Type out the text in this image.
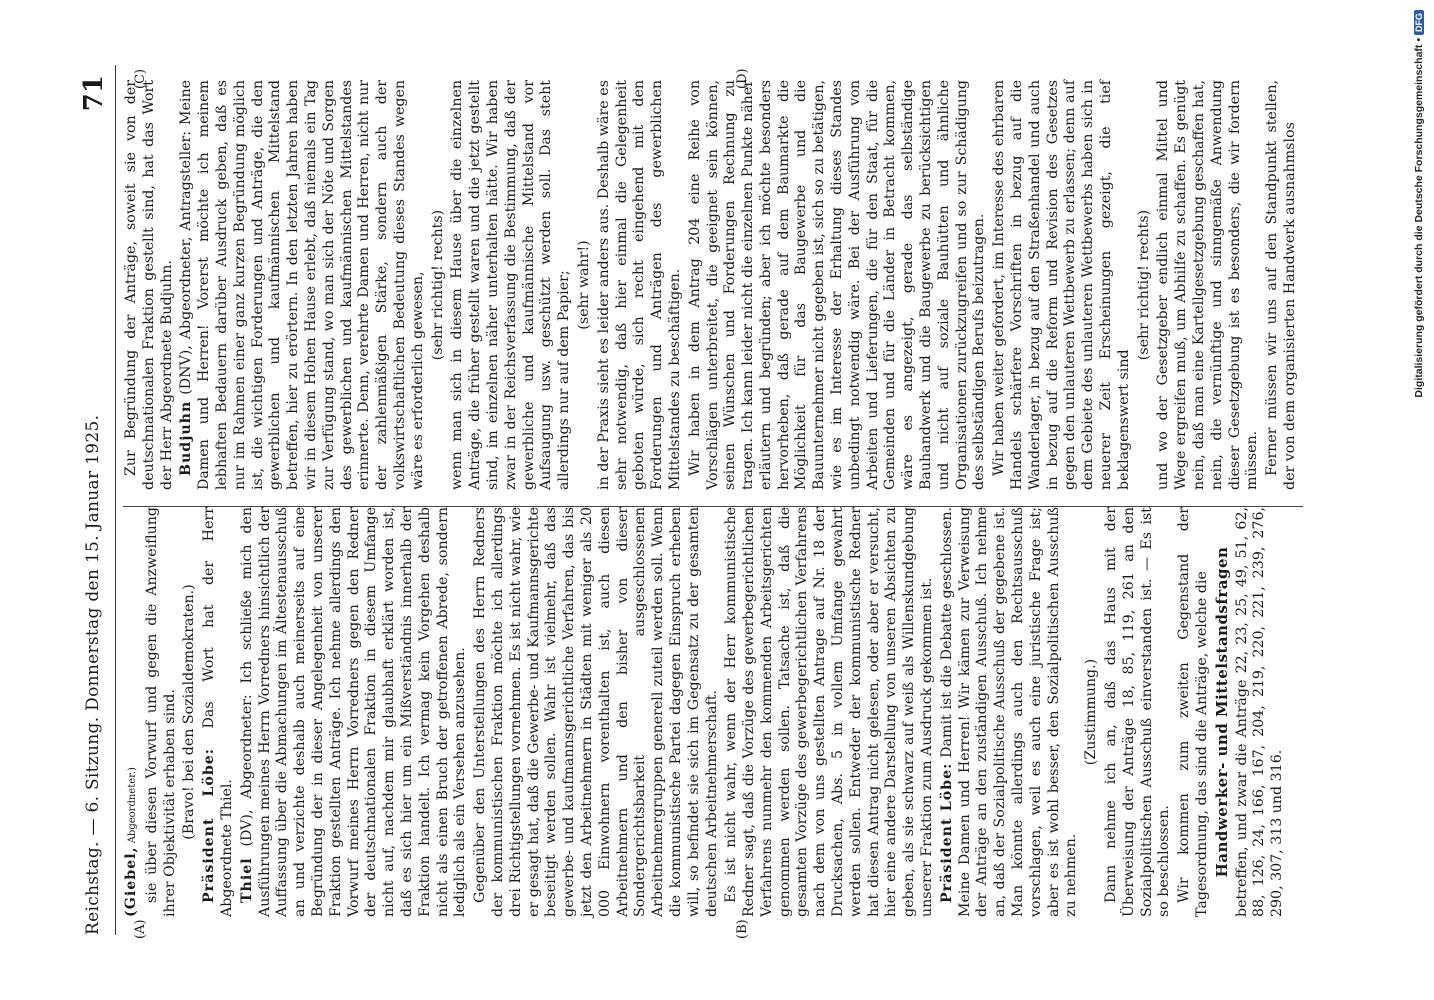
Reichstag. — 6. Sitzung. Donnerstag den 15. Januar 1925.
71
(A)	(B)
(C)	(D)

(Giebel, Abgeordneter.) sie über diesen Vorwurf und gegen die Anzweiflung ihrer Objektivität erhaben sind. (Bravo! bei den Sozialdemokraten.) Präsident Löbe: Das Wort hat der Herr Abgeordnete Thiel. Thiel (DV), Abgeordneter: Ich schließe mich den Ausführungen meines Herrn Vorredners hinsichtlich der Auffassung über die Abmachungen im Ältestenausschuß an und verzichte deshalb auch meinerseits auf eine Begründung der in dieser Angelegenheit von unserer Fraktion gestellten Anträge. Ich nehme allerdings den Vorwurf meines Herrn Vorredners gegen den Redner der deutschnationalen Fraktion in diesem Umfange nicht auf, nachdem mir glaubhaft erklärt worden ist, daß es sich hier um ein Mißverständnis innerhalb der Fraktion handelt. Ich vermag kein Vorgehen deshalb nicht als einen Bruch der getroffenen Abrede, sondern lediglich als ein Versehen anzusehen. Gegenüber den Unterstellungen des Herrn Redners der kommunistischen Fraktion möchte ich allerdings drei Richtigstellungen vornehmen. Es ist nicht wahr, wie er gesagt hat, daß die Gewerbe- und Kaufmannsgerichte beseitigt werden sollen. Wahr ist vielmehr, daß das gewerbe- und kaufmannsgerichtliche Verfahren, das bis jetzt den Arbeitnehmern in Städten mit weniger als 20 000 Einwohnern vorenthalten ist, auch diesen Arbeitnehmern und den bisher von dieser Sondergerichtsbarkeit ausgeschlossenen Arbeitnehmergruppen generell zuteil werden soll. Wenn die kommunistische Partei dagegen Einspruch erheben will, so befindet sie sich im Gegensatz zu der gesamten deutschen Arbeitnehmerschaft. Es ist nicht wahr, wenn der Herr kommunistische Redner sagt, daß die Vorzüge des gewerbegerichtlichen Verfahrens nunmehr den kommenden Arbeitsgerichten genommen werden sollen. Tatsache ist, daß die gesamten Vorzüge des gewerbegerichtlichen Verfahrens nach dem von uns gestellten Antrage auf Nr. 18 der Drucksachen, Abs. 5 in vollem Umfange gewahrt werden sollen. Entweder der kommunistische Redner hat diesen Antrag nicht gelesen, oder aber er versucht, hier eine andere Darstellung von unseren Absichten zu geben, als sie schwarz auf weiß als Willenskundgebung unserer Fraktion zum Ausdruck gekommen ist. Präsident Löbe: Damit ist die Debatte geschlossen. Meine Damen und Herren! Wir kämen zur Verweisung der Anträge an den zuständigen Ausschuß. Ich nehme an, daß der Sozialpolitische Ausschuß der gegebene ist. Man könnte allerdings auch den Rechtsausschuß vorschlagen, weil es auch eine juristische Frage ist; aber es ist wohl besser, den Sozialpolitischen Ausschuß zu nehmen.

(Zustimmung.) Dann nehme ich an, daß das Haus mit der Überweisung der Anträge 18, 85, 119, 261 an den Sozialpolitischen Ausschuß einverstanden ist. — Es ist so beschlossen. Wir kommen zum zweiten Gegenstand der Tagesordnung, das sind die Anträge, welche die Handwerker- und Mittelstandsfragen betreffen, und zwar die Anträge 22, 23, 25, 49, 51, 62, 88, 126, 24, 166, 167, 204, 219, 220, 221, 239, 276, 290, 307, 313 und 316.

Zur Begründung der Anträge, soweit sie von der deutschnationalen Fraktion gestellt sind, hat das Wort der Herr Abgeordnete Budjuhn. Budjuhn (DNV), Abgeordneter, Antragsteller: Meine Damen und Herren! Vorerst möchte ich meinem lebhaften Bedauern darüber Ausdruck geben, daß es nur im Rahmen einer ganz kurzen Begründung möglich ist, die wichtigen Forderungen und Anträge, die den gewerblichen und kaufmännischen Mittelstand betreffen, hier zu erörtern. In den letzten Jahren haben wir in diesem Hohen Hause erlebt, daß niemals ein Tag zur Verfügung stand, wo man sich der Nöte und Sorgen des gewerblichen und kaufmännischen Mittelstandes erinnerte. Denn, verehrte Damen und Herren, nicht nur der zahlenmäßigen Stärke, sondern auch der volkswirtschaftlichen Bedeutung dieses Standes wegen wäre es erforderlich gewesen, (sehr richtig! rechts) wenn man sich in diesem Hause über die einzelnen Anträge, die früher gestellt waren und die jetzt gestellt sind, im einzelnen näher unterhalten hätte. Wir haben zwar in der Reichsverfassung die Bestimmung, daß der gewerbliche und kaufmännische Mittelstand vor Aufsaugung usw. geschützt werden soll. Das steht allerdings nur auf dem Papier; (sehr wahr!) in der Praxis sieht es leider anders aus. Deshalb wäre es sehr notwendig, daß hier einmal die Gelegenheit geboten würde, sich recht eingehend mit den Forderungen und Anträgen des gewerblichen Mittelstandes zu beschäftigen. Wir haben in dem Antrag 204 eine Reihe von Vorschlägen unterbreitet, die geeignet sein können, seinen Wünschen und Forderungen Rechnung zu tragen. Ich kann leider nicht die einzelnen Punkte näher erläutern und begründen; aber ich möchte besonders hervorheben, daß gerade auf dem Baumarkte die Möglichkeit für das Baugewerbe und die Bauunternehmer nicht gegeben ist, sich so zu betätigen, wie es im Interesse der Erhaltung dieses Standes unbedingt notwendig wäre. Bei der Ausführung von Arbeiten und Lieferungen, die für den Staat, für die Gemeinden und für die Länder in Betracht kommen, wäre es angezeigt, gerade das selbständige Bauhandwerk und die Baugewerbe zu berücksichtigen und nicht auf soziale Bauhütten und ähnliche Organisationen zurückzugreifen und so zur Schädigung des selbständigen Berufs beizutragen. Wir haben weiter gefordert, im Interesse des ehrbaren Handels schärfere Vorschriften in bezug auf die Wanderlager, in bezug auf den Straßenhandel und auch in bezug auf die Reform und Revision des Gesetzes gegen den unlauteren Wettbewerb zu erlassen; denn auf dem Gebiete des unlauteren Wettbewerbs haben sich in neuerer Zeit Erscheinungen gezeigt, die tief beklagenswert sind

(sehr richtig! rechts) und wo der Gesetzgeber endlich einmal Mittel und Wege ergreifen muß, um Abhilfe zu schaffen. Es genügt nein, daß man eine Kartellgesetzgebung geschaffen hat, nein, die vernünftige und sinngemäße Anwendung dieser Gesetzgebung ist es besonders, die wir fordern müssen. Ferner müssen wir uns auf den Standpunkt stellen, der von dem organisierten Handwerk ausnahmslos	Digitalisierung gefördert durch die Deutsche Forschungsgemeinschaft •DFG
